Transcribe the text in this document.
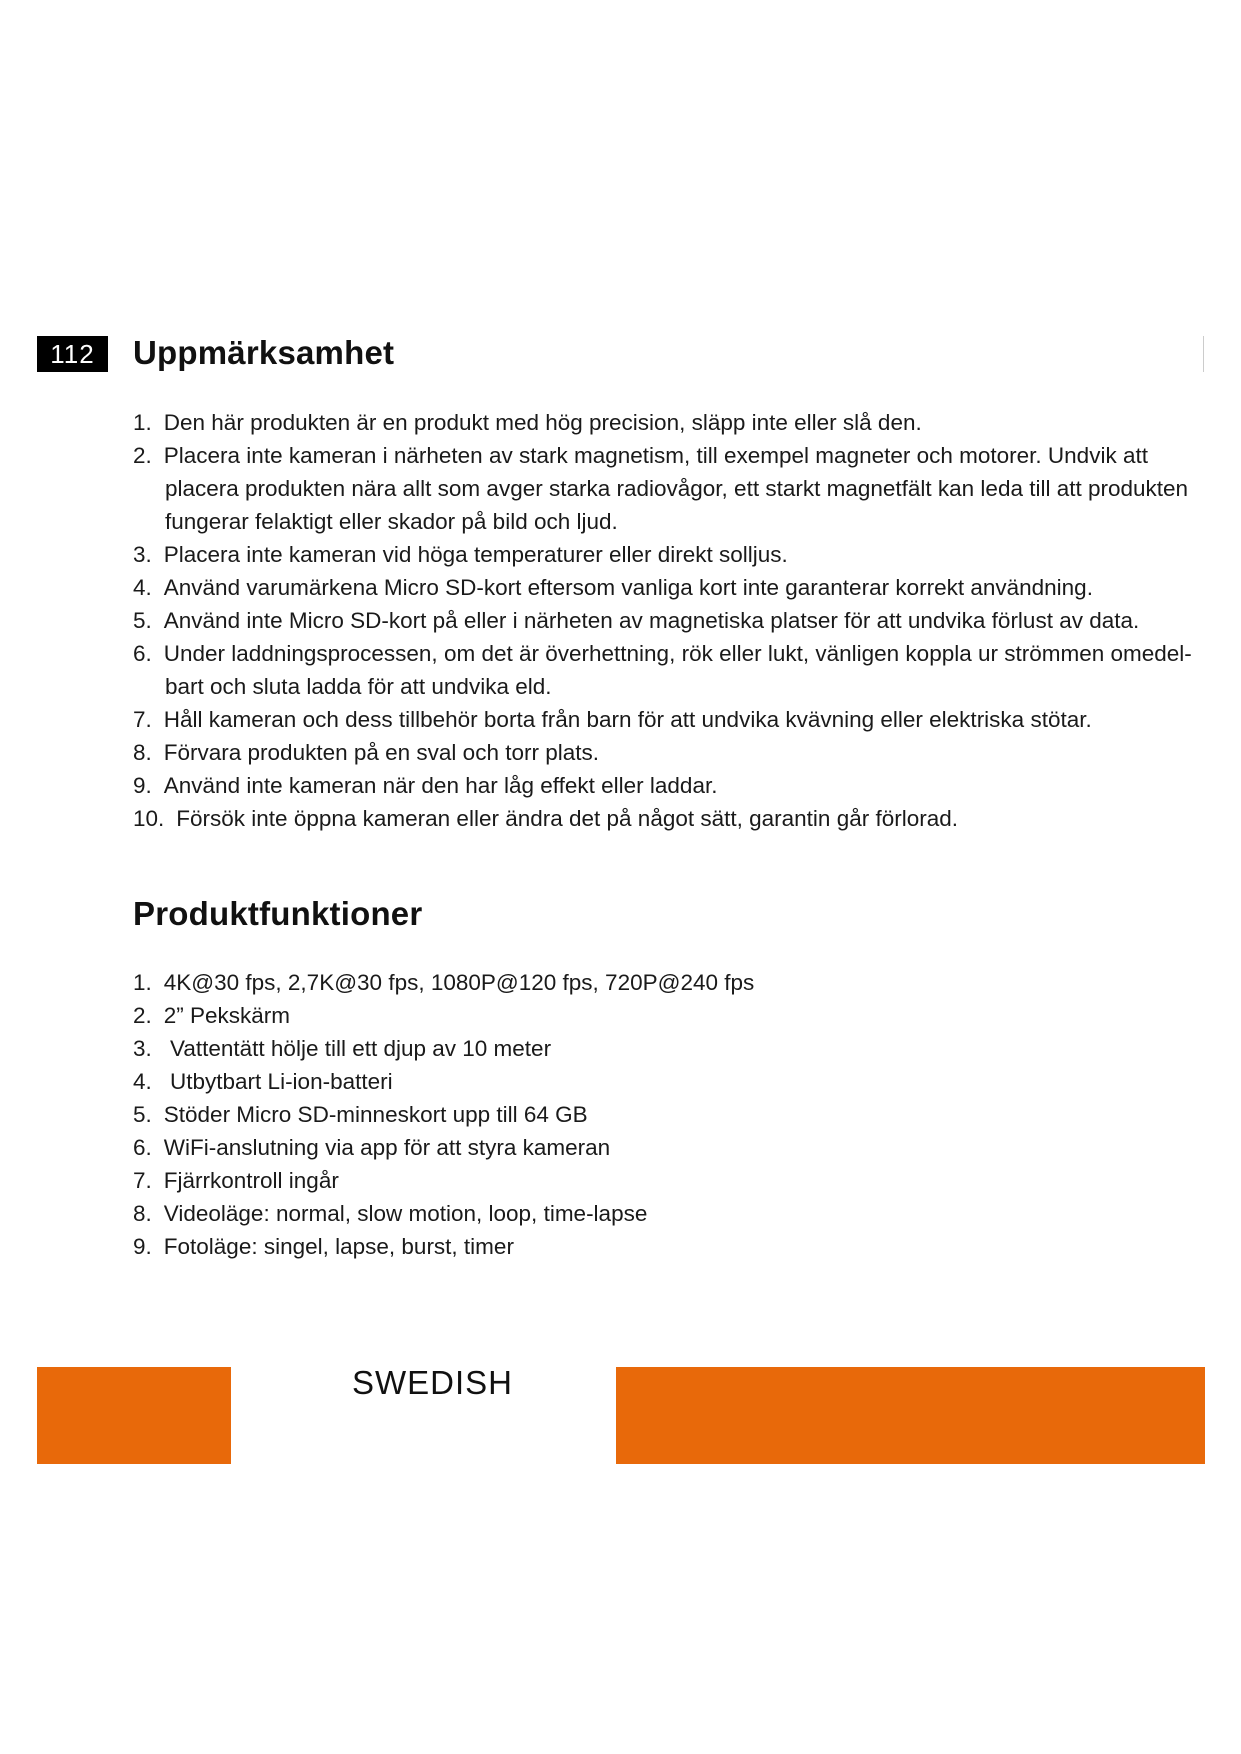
112	Uppmärksamhet
1. Den här produkten är en produkt med hög precision, släpp inte eller slå den.
2. Placera inte kameran i närheten av stark magnetism, till exempel magneter och motorer. Undvik att
placera produkten nära allt som avger starka radiovågor, ett starkt magnetfält kan leda till att produkten
fungerar felaktigt eller skador på bild och ljud.
3. Placera inte kameran vid höga temperaturer eller direkt solljus.
4. Använd varumärkena Micro SD-kort eftersom vanliga kort inte garanterar korrekt användning.
5. Använd inte Micro SD-kort på eller i närheten av magnetiska platser för att undvika förlust av data.
6. Under laddningsprocessen, om det är överhettning, rök eller lukt, vänligen koppla ur strömmen omedel-
bart och sluta ladda för att undvika eld.
7. Håll kameran och dess tillbehör borta från barn för att undvika kvävning eller elektriska stötar.
8. Förvara produkten på en sval och torr plats.
9. Använd inte kameran när den har låg effekt eller laddar.
10. Försök inte öppna kameran eller ändra det på något sätt, garantin går förlorad.
Produktfunktioner
1. 4K@30 fps, 2,7K@30 fps, 1080P@120 fps, 720P@240 fps
2. 2” Pekskärm
3. Vattentätt hölje till ett djup av 10 meter
4. Utbytbart Li-ion-batteri
5. Stöder Micro SD-minneskort upp till 64 GB
6. WiFi-anslutning via app för att styra kameran
7. Fjärrkontroll ingår
8. Videoläge: normal, slow motion, loop, time-lapse
9. Fotoläge: singel, lapse, burst, timer
SWEDISH
